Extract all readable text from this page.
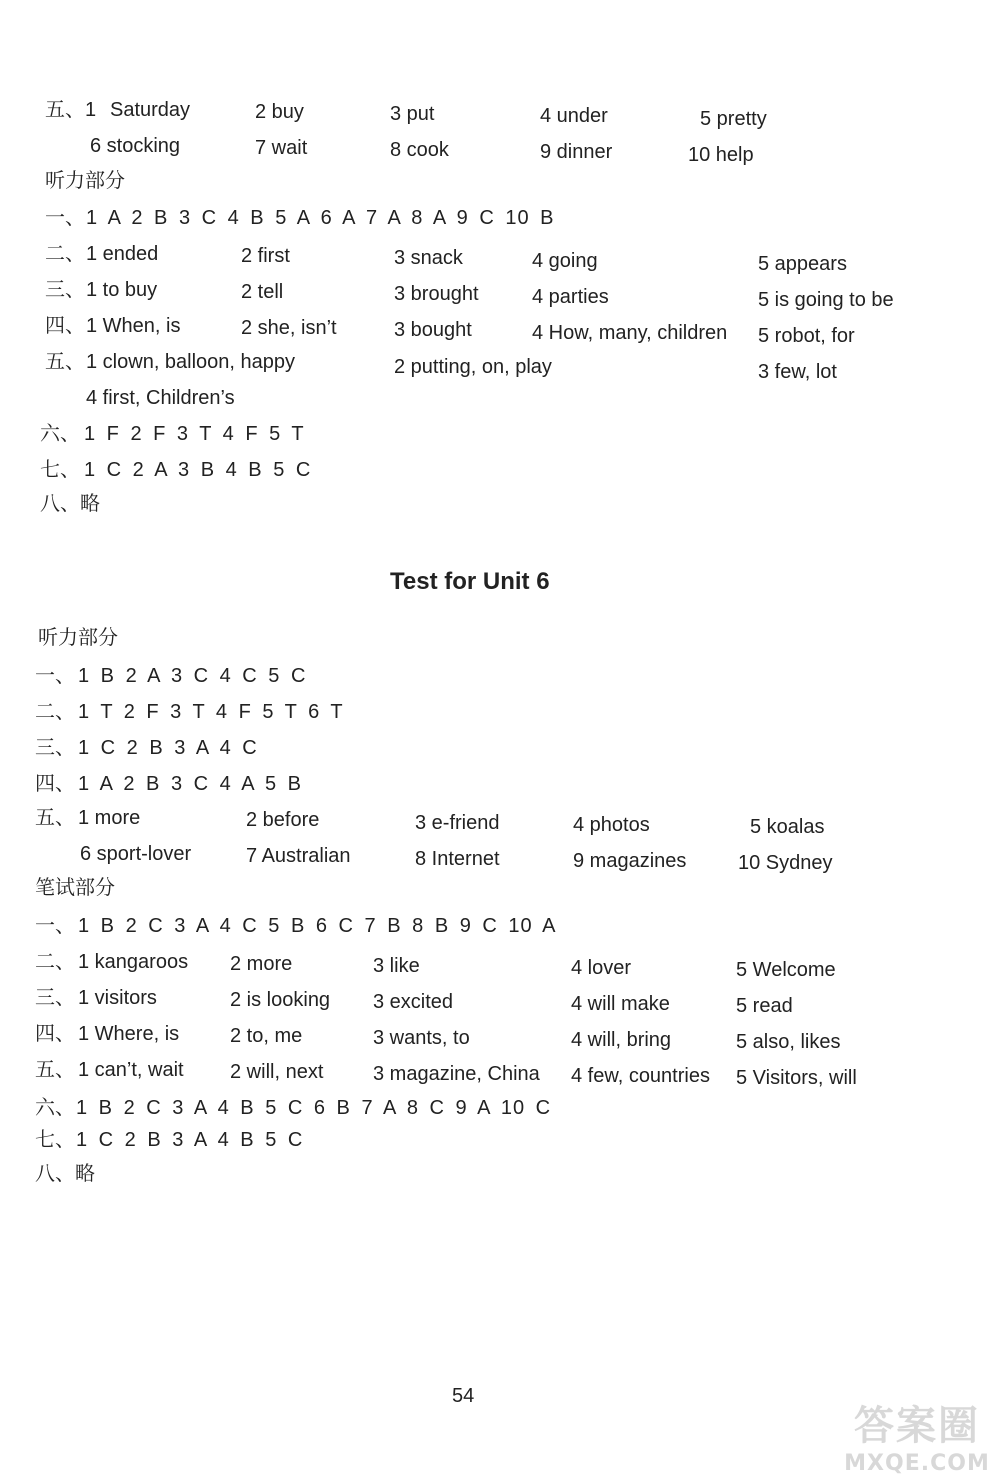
五、1 Saturday	2 buy	3 put	4 under	5 pretty
6 stocking	7 wait	8 cook	9 dinner	10 help
听力部分
一、 1 A 2 B 3 C 4 B 5 A 6 A 7 A 8 A 9 C 10 B
二、 1 ended	2 first	3 snack	4 going	5 appears
三、 1 to buy	2 tell	3 brought	4 parties	5 is going to be
四、 1 When, is	2 she, isn’t	3 bought	4 How, many, children 5 robot, for
五、 1 clown, balloon, happy	2 putting, on, play	3 few, lot
4 first, Children’s
六、 1 F 2 F 3 T 4 F 5 T
七、 1 C 2 A 3 B 4 B 5 C
八、 略
Test for Unit 6
听力部分
一、 1 B 2 A 3 C 4 C 5 C
二、 1 T 2 F 3 T 4 F 5 T 6 T
三、 1 C 2 B 3 A 4 C
四、 1 A 2 B 3 C 4 A 5 B
五、 1 more	2 before	3 e-friend	4 photos	5 koalas
6 sport-lover	7 Australian	8 Internet	9 magazines	10 Sydney
笔试部分
一、 1 B 2 C 3 A 4 C 5 B 6 C 7 B 8 B 9 C 10 A
二、 1 kangaroos 2 more	3 like	4 lover	5 Welcome
三、 1 visitors	2 is looking 3 excited	4 will make	5 read
四、 1 Where, is	2 to, me	3 wants, to	4 will, bring	5 also, likes
五、 1 can’t, wait 2 will, next 3 magazine, China 4 few, countries 5 Visitors, will
六、 1 B 2 C 3 A 4 B 5 C 6 B 7 A 8 C 9 A 10 C
七、 1 C 2 B 3 A 4 B 5 C
八、 略
54
答案圈
MXQE.COM
